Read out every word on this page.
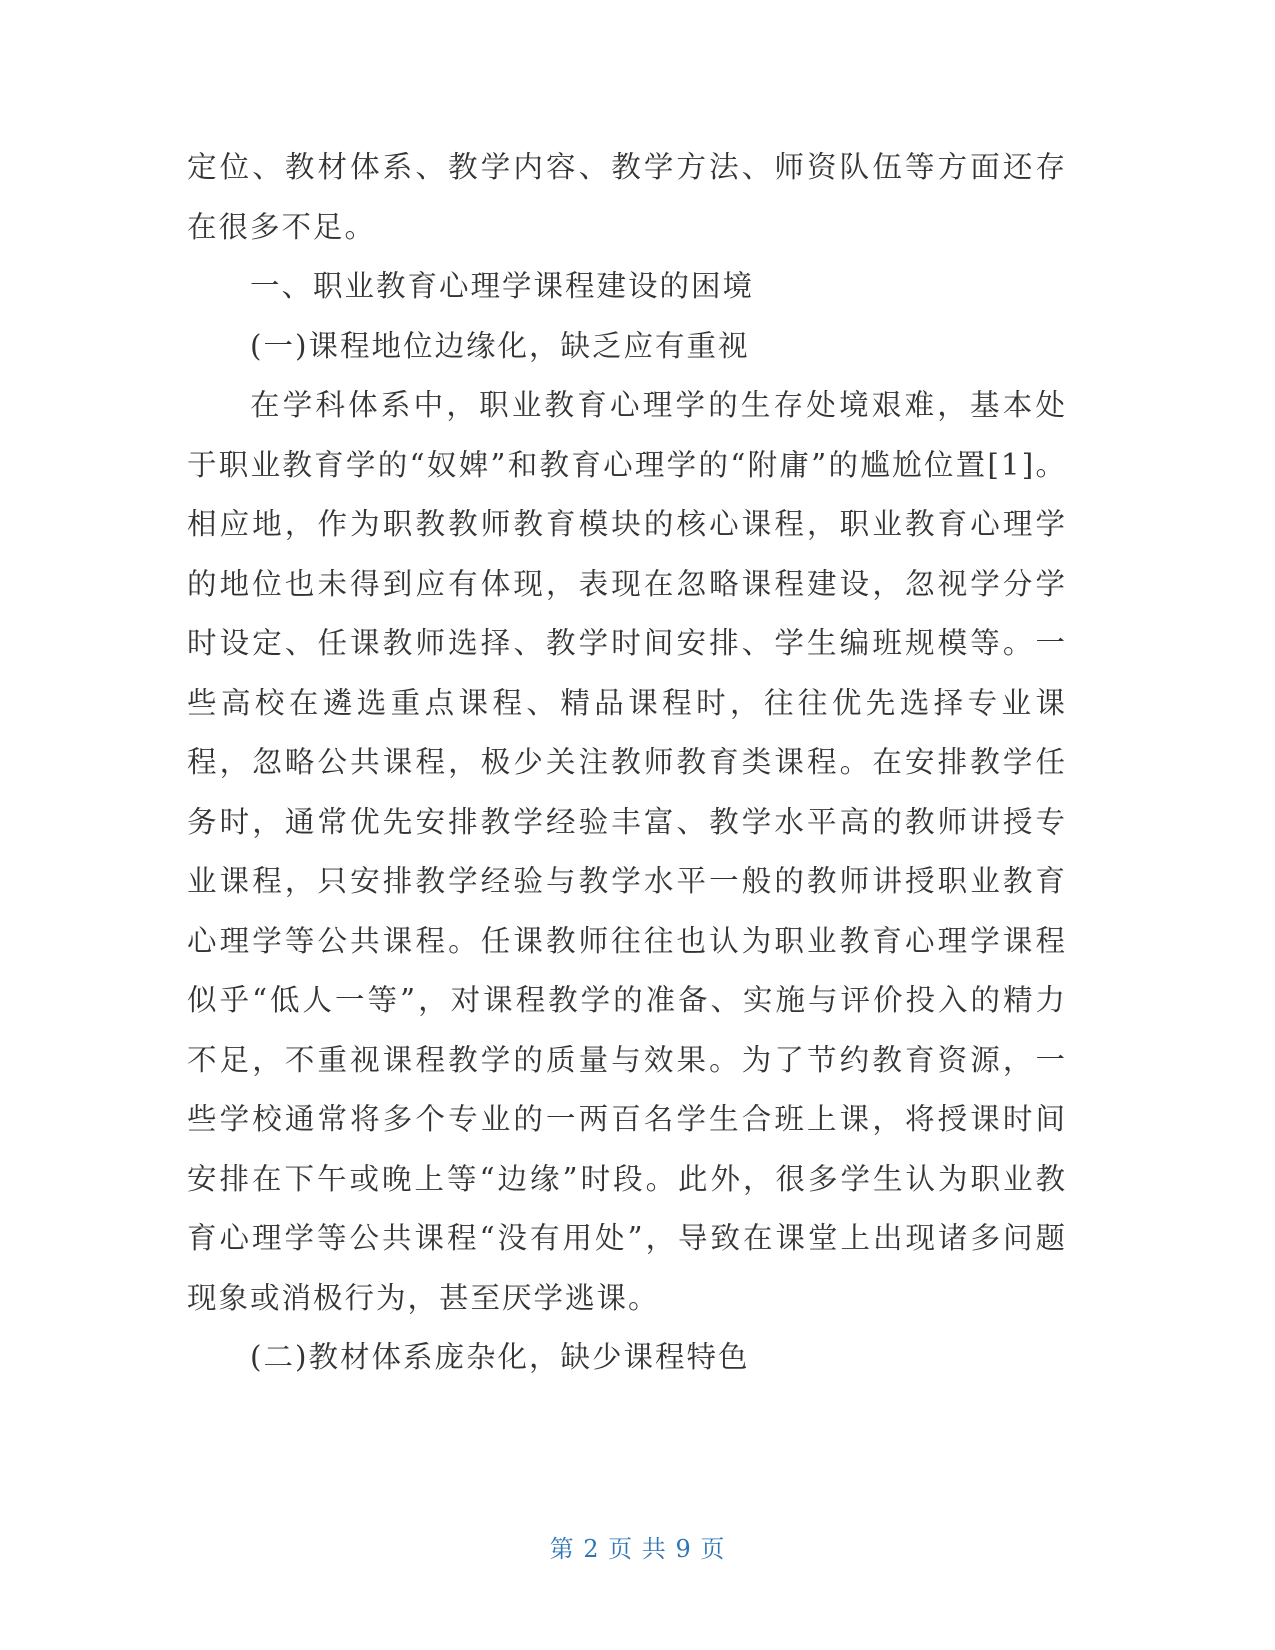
定位、教材体系、教学内容、教学方法、师资队伍等方面还存在很多不足。

一、职业教育心理学课程建设的困境

(一)课程地位边缘化，缺乏应有重视

在学科体系中，职业教育心理学的生存处境艰难，基本处于职业教育学的“奴婢”和教育心理学的“附庸”的尴尬位置[1]。相应地，作为职教教师教育模块的核心课程，职业教育心理学的地位也未得到应有体现，表现在忽略课程建设，忽视学分学时设定、任课教师选择、教学时间安排、学生编班规模等。一些高校在遴选重点课程、精品课程时，往往优先选择专业课程，忽略公共课程，极少关注教师教育类课程。在安排教学任务时，通常优先安排教学经验丰富、教学水平高的教师讲授专业课程，只安排教学经验与教学水平一般的教师讲授职业教育心理学等公共课程。任课教师往往也认为职业教育心理学课程似乎“低人一等”，对课程教学的准备、实施与评价投入的精力不足，不重视课程教学的质量与效果。为了节约教育资源，一些学校通常将多个专业的一两百名学生合班上课，将授课时间安排在下午或晚上等“边缘”时段。此外，很多学生认为职业教育心理学等公共课程“没有用处”，导致在课堂上出现诸多问题现象或消极行为，甚至厌学逃课。

(二)教材体系庞杂化，缺少课程特色

第 2 页 共 9 页
